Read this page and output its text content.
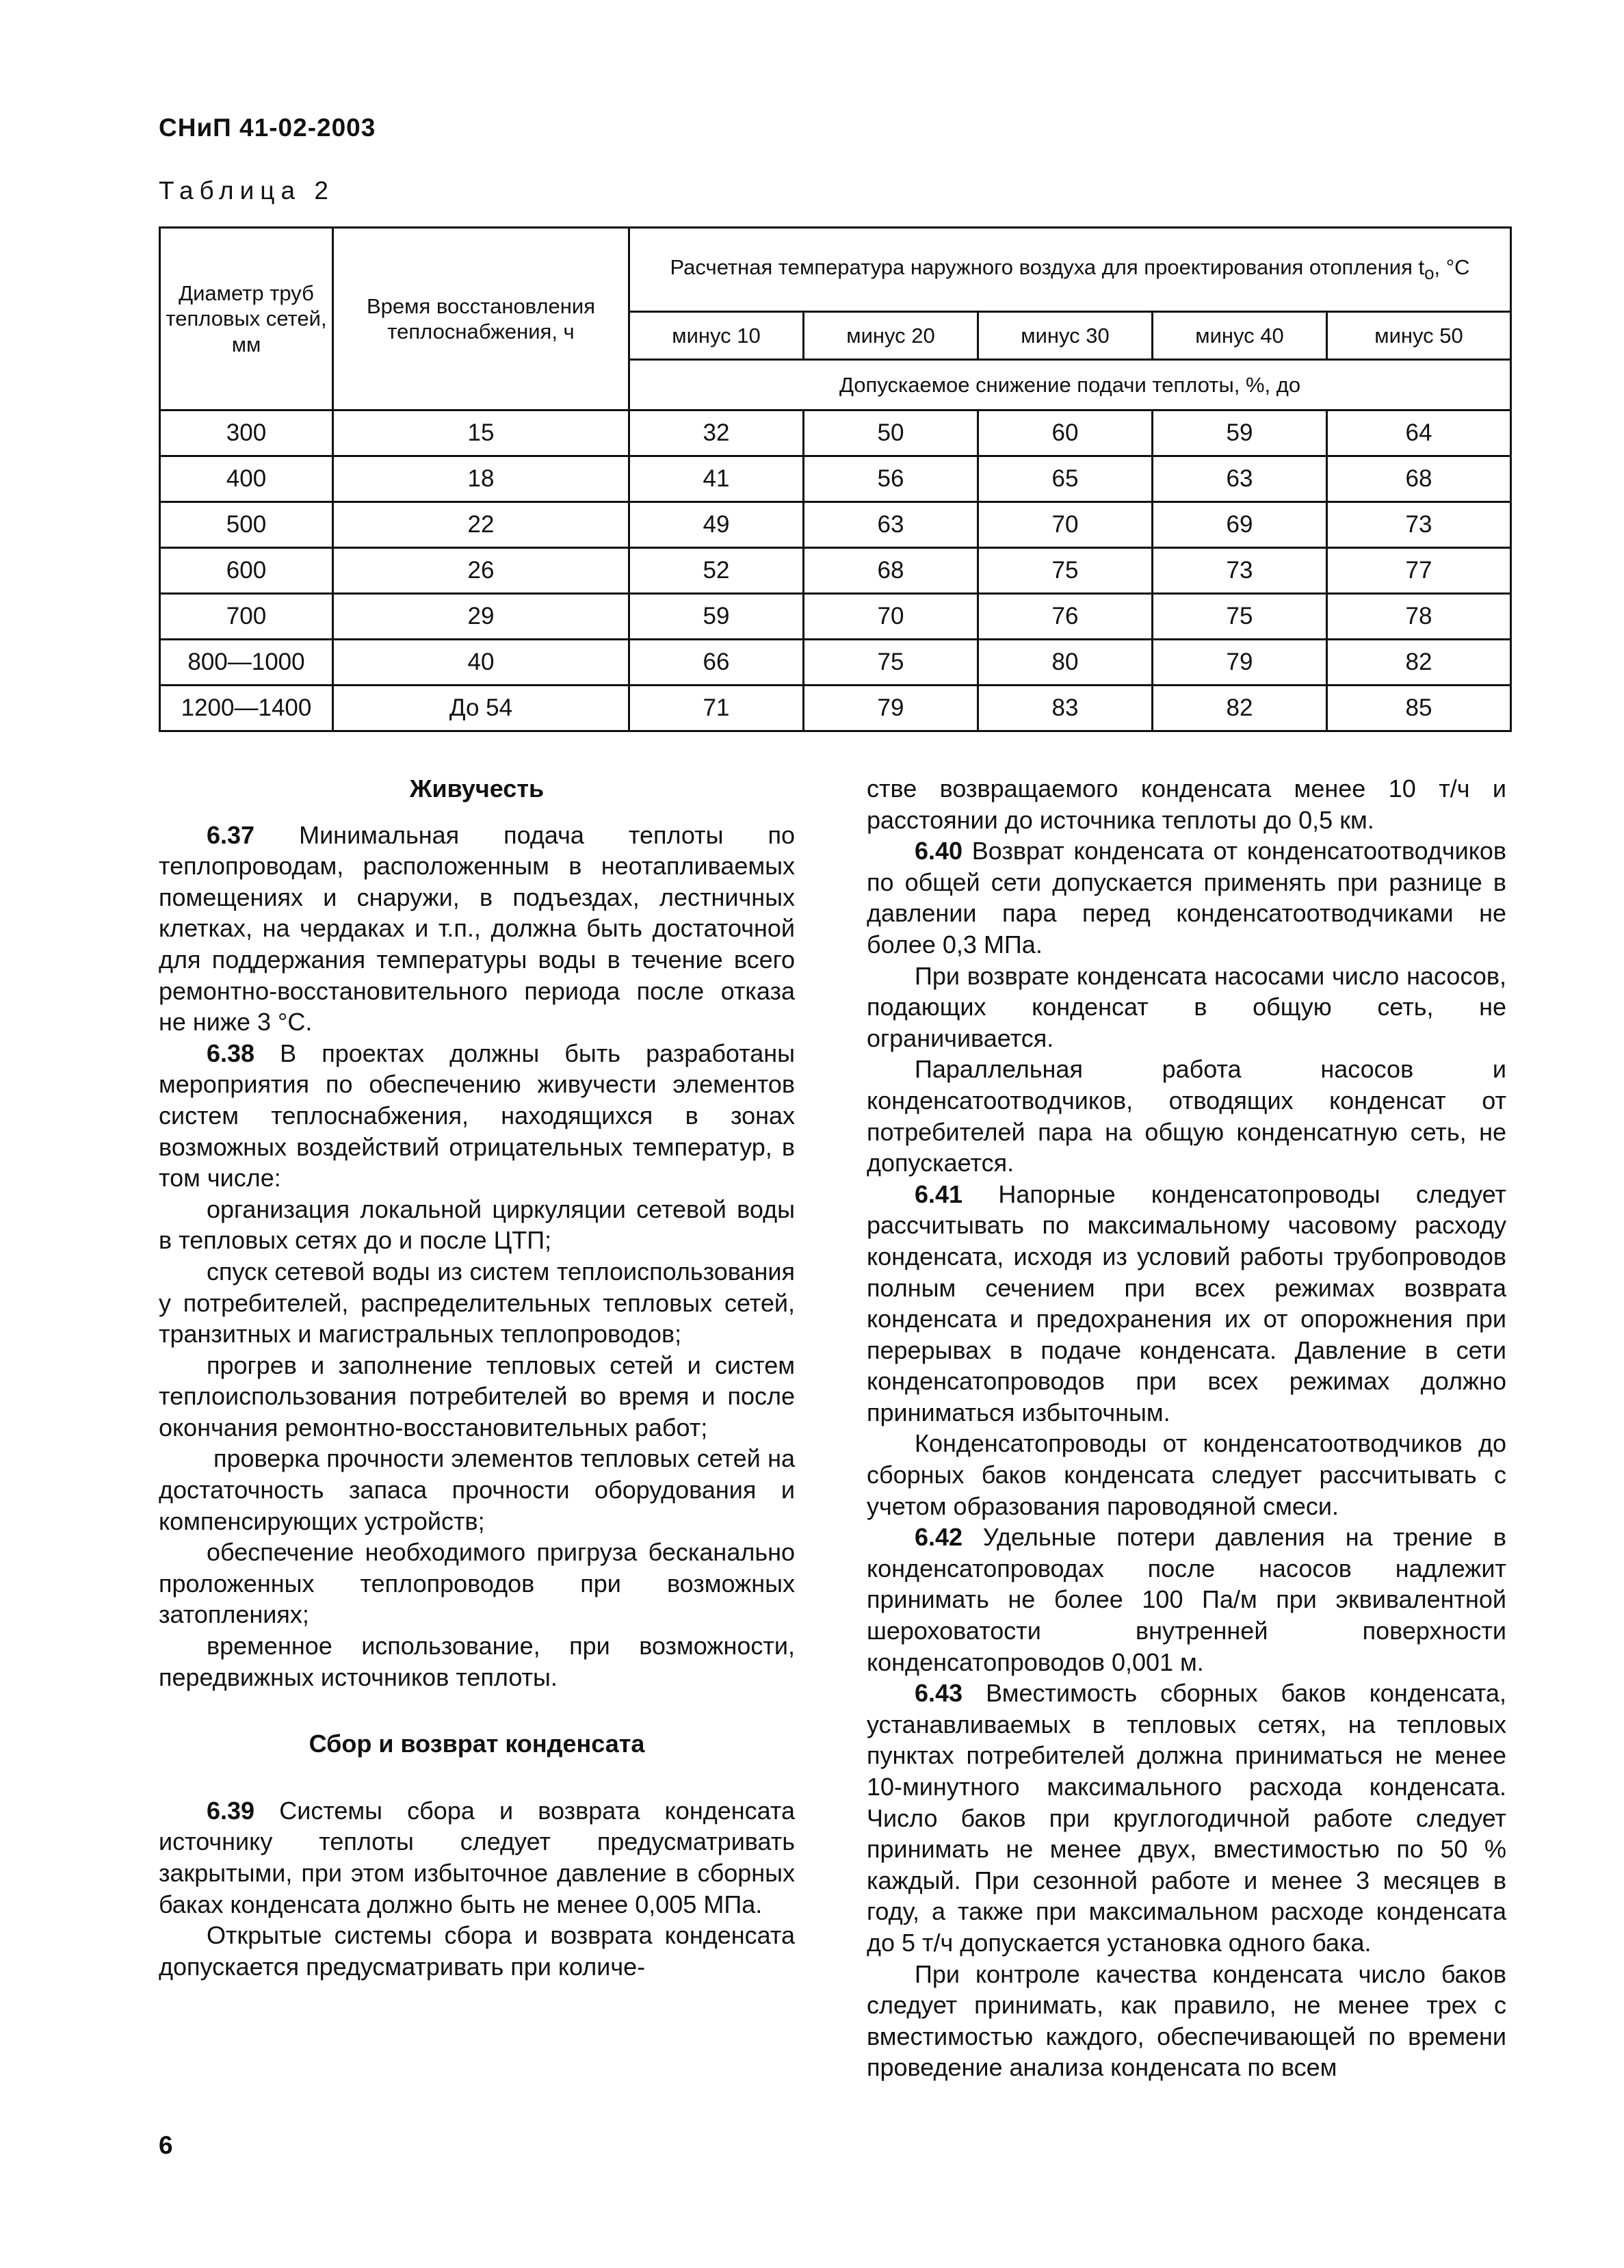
СНиП 41-02-2003
Таблица 2
Диаметр труб тепловых сетей, мм	Время восстановления теплоснабжения, ч	Расчетная температура наружного воздуха для проектирования отопления $t_о$, °С				
		минус 10	минус 20	минус 30	минус 40	минус 50
		Допускаемое снижение подачи теплоты, %, до				
300	15	32	50	60	59	64
400	18	41	56	65	63	68
500	22	49	63	70	69	73
600	26	52	68	75	73	77
700	29	59	70	76	75	78
800—1000	40	66	75	80	79	82
1200—1400	До 54	71	79	83	82	85
Живучесть

6.37 Минимальная подача теплоты по теплопроводам, расположенным в неотапливаемых помещениях и снаружи, в подъездах, лестничных клетках, на чердаках и т.п., должна быть достаточной для поддержания температуры воды в течение всего ремонтно-восстановительного периода после отказа не ниже 3 °С.

6.38 В проектах должны быть разработаны мероприятия по обеспечению живучести элементов систем теплоснабжения, находящихся в зонах возможных воздействий отрицательных температур, в том числе:

организация локальной циркуляции сетевой воды в тепловых сетях до и после ЦТП;

спуск сетевой воды из систем теплоиспользования у потребителей, распределительных тепловых сетей, транзитных и магистральных теплопроводов;

прогрев и заполнение тепловых сетей и систем теплоиспользования потребителей во время и после окончания ремонтно-восстановительных работ;

проверка прочности элементов тепловых сетей на достаточность запаса прочности оборудования и компенсирующих устройств;

обеспечение необходимого пригруза бесканально проложенных теплопроводов при возможных затоплениях;

временное использование, при возможности, передвижных источников теплоты.

Сбор и возврат конденсата

6.39 Системы сбора и возврата конденсата источнику теплоты следует предусматривать закрытыми, при этом избыточное давление в сборных баках конденсата должно быть не менее 0,005 МПа.

Открытые системы сбора и возврата конденсата допускается предусматривать при количе-

стве возвращаемого конденсата менее 10 т/ч и расстоянии до источника теплоты до 0,5 км.

6.40 Возврат конденсата от конденсатоотводчиков по общей сети допускается применять при разнице в давлении пара перед конденсатоотводчиками не более 0,3 МПа.

При возврате конденсата насосами число насосов, подающих конденсат в общую сеть, не ограничивается.

Параллельная работа насосов и конденсатоотводчиков, отводящих конденсат от потребителей пара на общую конденсатную сеть, не допускается.

6.41 Напорные конденсатопроводы следует рассчитывать по максимальному часовому расходу конденсата, исходя из условий работы трубопроводов полным сечением при всех режимах возврата конденсата и предохранения их от опорожнения при перерывах в подаче конденсата. Давление в сети конденсатопроводов при всех режимах должно приниматься избыточным.

Конденсатопроводы от конденсатоотводчиков до сборных баков конденсата следует рассчитывать с учетом образования пароводяной смеси.

6.42 Удельные потери давления на трение в конденсатопроводах после насосов надлежит принимать не более 100 Па/м при эквивалентной шероховатости внутренней поверхности конденсатопроводов 0,001 м.

6.43 Вместимость сборных баков конденсата, устанавливаемых в тепловых сетях, на тепловых пунктах потребителей должна приниматься не менее 10-минутного максимального расхода конденсата. Число баков при круглогодичной работе следует принимать не менее двух, вместимостью по 50 % каждый. При сезонной работе и менее 3 месяцев в году, а также при максимальном расходе конденсата до 5 т/ч допускается установка одного бака.

При контроле качества конденсата число баков следует принимать, как правило, не менее трех с вместимостью каждого, обеспечивающей по времени проведение анализа конденсата по всем

6
